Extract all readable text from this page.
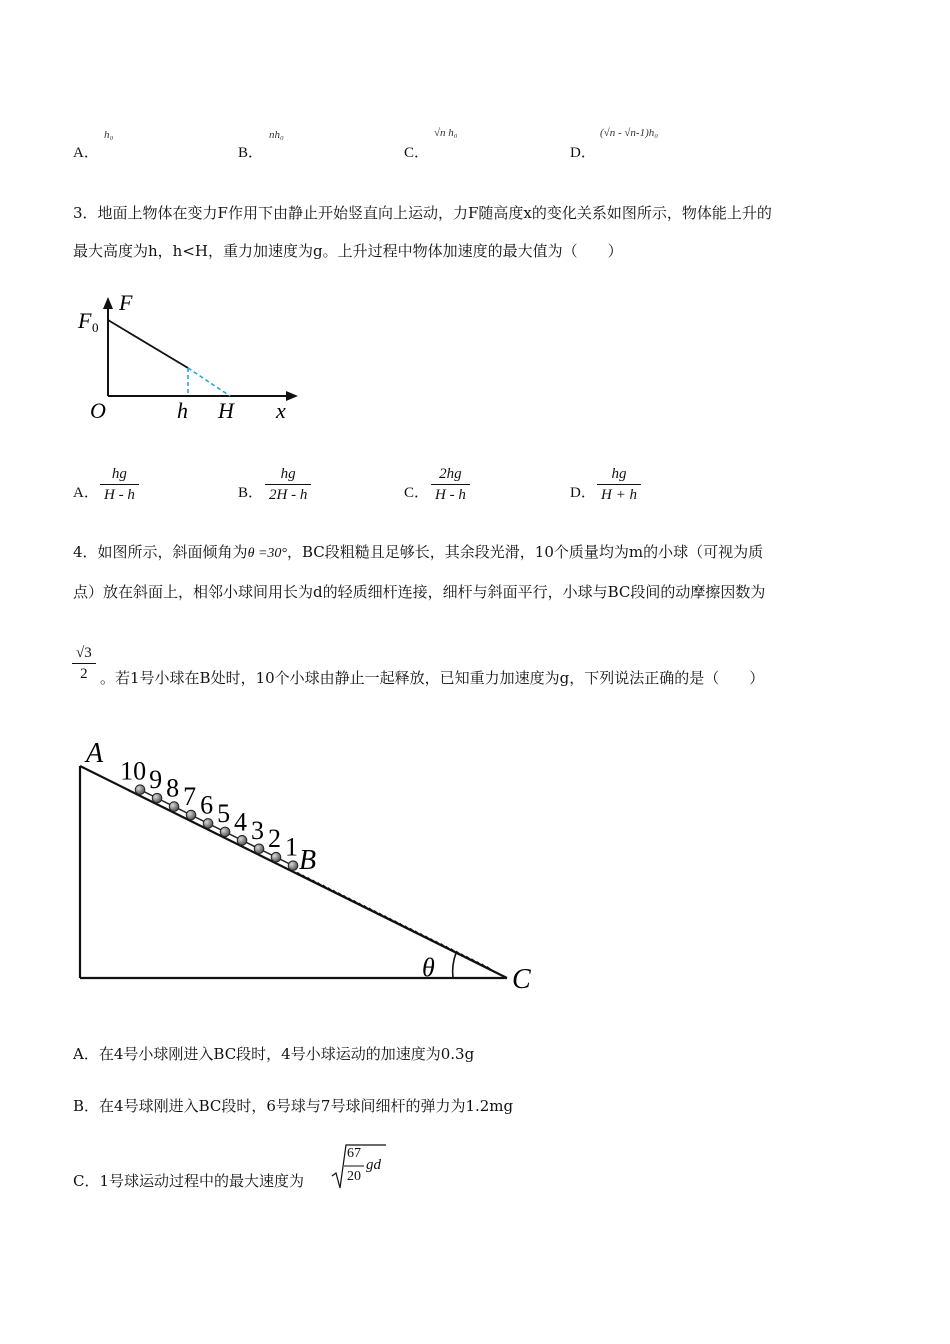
A．
h₀
B．
nh₀
C．
√n h₀
D．
(√n - √n-1)h₀
3．地面上物体在变力F作用下由静止开始竖直向上运动，力F随高度x的变化关系如图所示，物体能上升的
最大高度为h，h<H，重力加速度为g。上升过程中物体加速度的最大值为（　　）
F
F 0
O	h H x
A． $\frac{hg}{H - h}$	B． $\frac{hg}{2H - h}$	C． $\frac{2hg}{H - h}$	D． $\frac{hg}{H + h}$
4．如图所示，斜面倾角为θ =30°，BC段粗糙且足够长，其余段光滑，10个质量均为m的小球（可视为质
点）放在斜面上，相邻小球间用长为d的轻质细杆连接，细杆与斜面平行，小球与BC段间的动摩擦因数为
$\frac{√3}{2}$ 。若1号小球在B处时，10个小球由静止一起释放，已知重力加速度为g，下列说法正确的是（　　）
10 9 8 7 6 5 4 3 2 1
A
B
C
θ
A．在4号小球刚进入BC段时，4号小球运动的加速度为0.3g
B．在4号球刚进入BC段时，6号球与7号球间细杆的弹力为1.2mg
C．1号球运动过程中的最大速度为
67
20
gd
